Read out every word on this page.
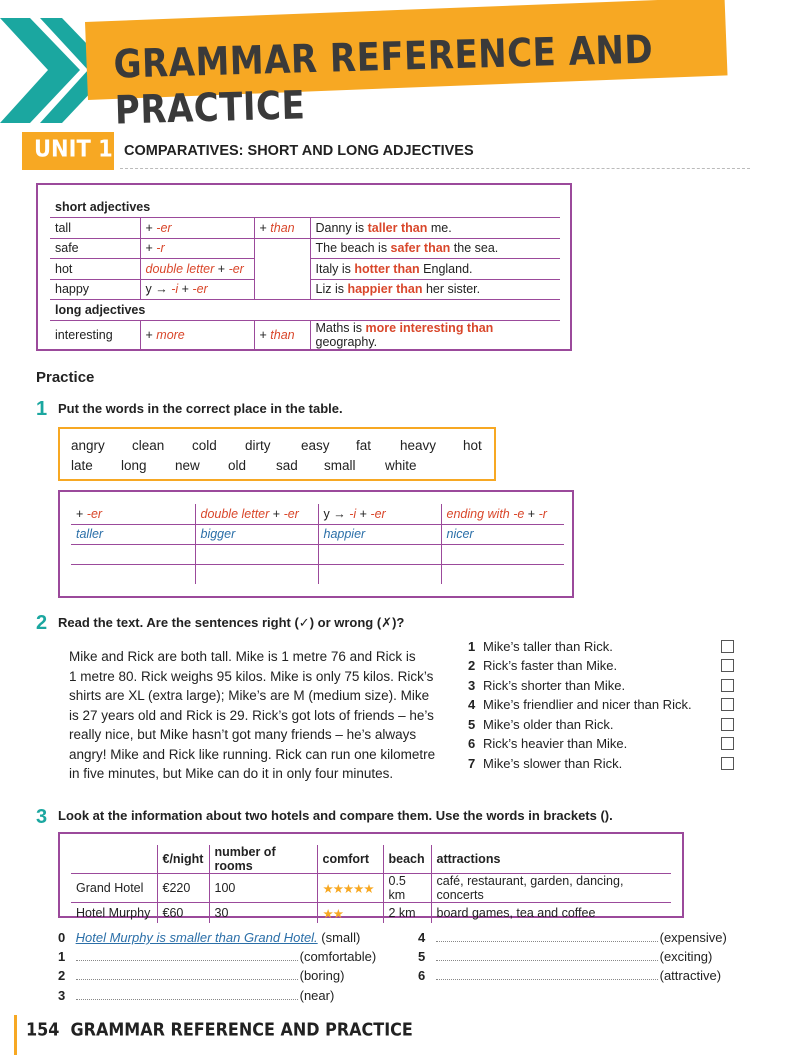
GRAMMAR REFERENCE AND PRACTICE
UNIT 17
COMPARATIVES: SHORT AND LONG ADJECTIVES
short adjectives			
tall	+ -er	+ than	Danny is taller than me.
safe	+ -r		The beach is safer than the sea.
hot	double letter + -er		Italy is hotter than England.
happy	y → -i + -er		Liz is happier than her sister.
long adjectives			
interesting	+ more	+ than	Maths is more interesting than geography.
Practice
1 Put the words in the correct place in the table.
angry clean cold dirty easy fat heavy hot
late long new old sad small white
+ -er	double letter + -er	y → -i + -er	ending with -e + -r
taller	bigger	happier	nicer

2 Read the text. Are the sentences right (✓) or wrong (✗)?
Mike and Rick are both tall. Mike is 1 metre 76 and Rick is
1 metre 80. Rick weighs 95 kilos. Mike is only 75 kilos. Rick’s
shirts are XL (extra large); Mike’s are M (medium size). Mike
is 27 years old and Rick is 29. Rick’s got lots of friends – he’s
really nice, but Mike hasn’t got many friends – he’s always
angry! Mike and Rick like running. Rick can run one kilometre
in five minutes, but Mike can do it in only four minutes.
1 Mike’s taller than Rick.
2 Rick’s faster than Mike.
3 Rick’s shorter than Mike.
4 Mike’s friendlier and nicer than Rick.
5 Mike’s older than Rick.
6 Rick’s heavier than Mike.
7 Mike’s slower than Rick.
3 Look at the information about two hotels and compare them. Use the words in brackets ().
	€/night	number of rooms	comfort	beach	attractions
Grand Hotel	€220	100	★★★★★	0.5 km	café, restaurant, garden, dancing, concerts
Hotel Murphy	€60	30	★★	2 km	board games, tea and coffee
0 Hotel Murphy is smaller than Grand Hotel. (small)
1	(comfortable)
2	(boring)
3	(near)
4	(expensive)
5	(exciting)
6	(attractive)
154 GRAMMAR REFERENCE AND PRACTICE
